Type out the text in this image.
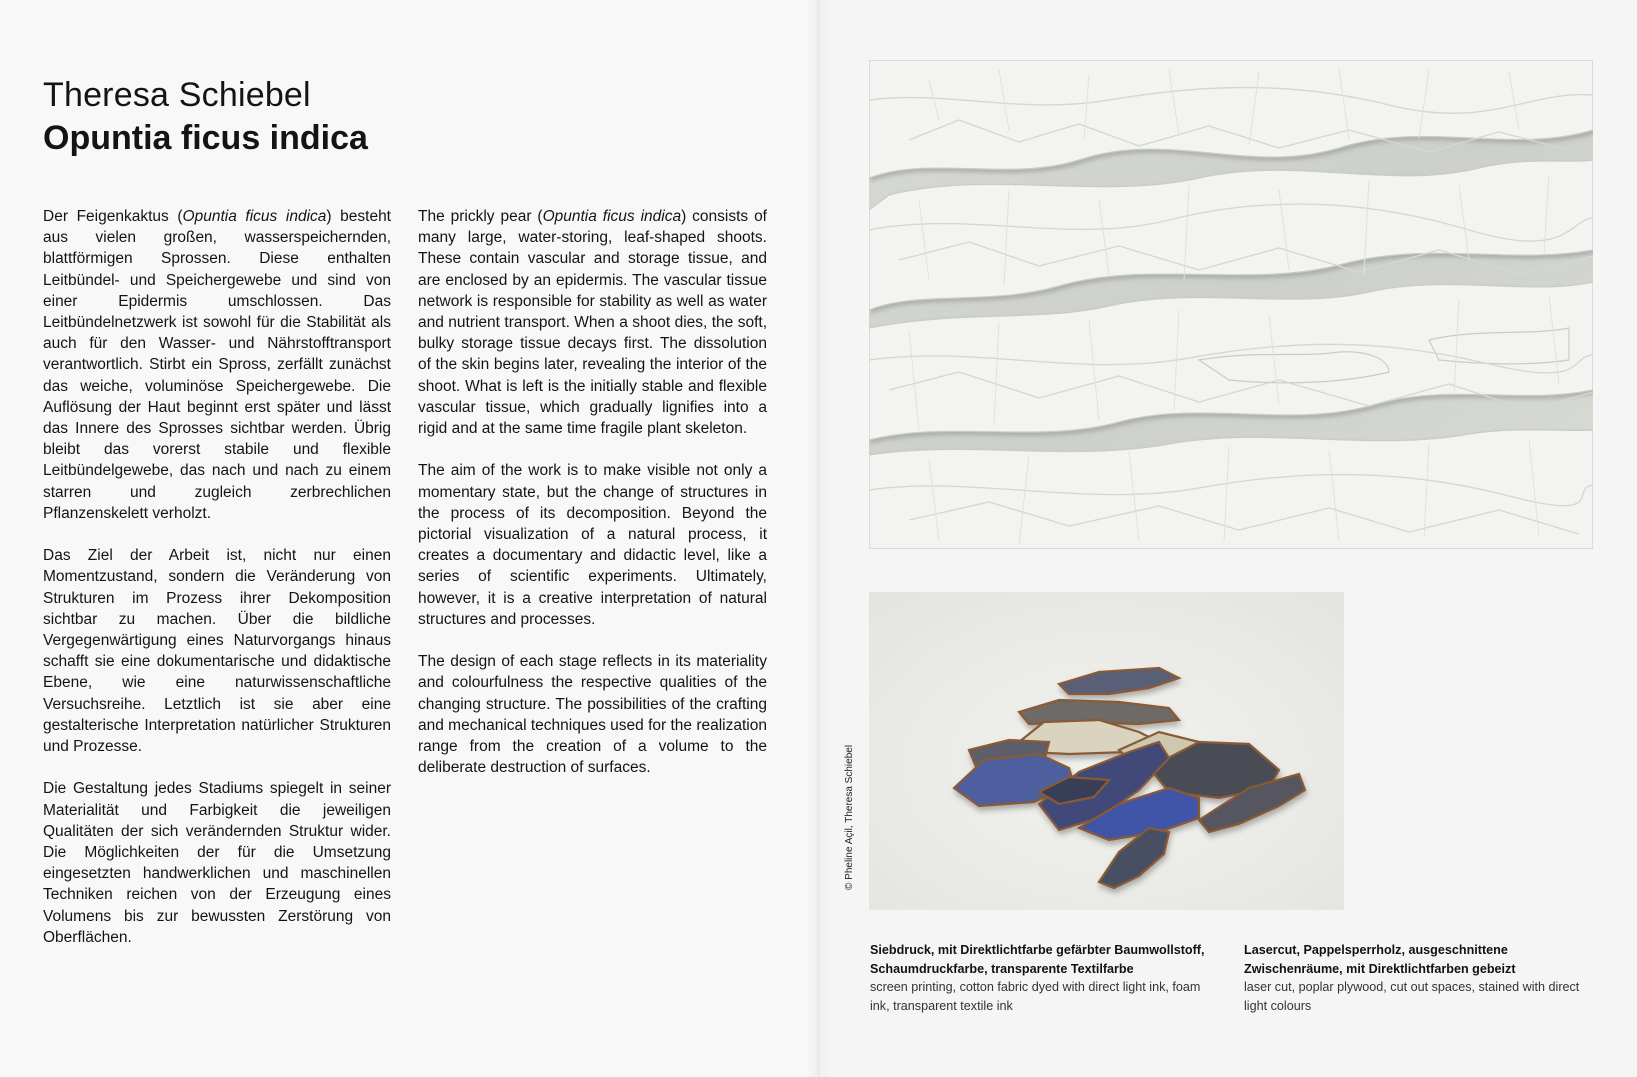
Theresa Schiebel
Opuntia ficus indica

Der Feigenkaktus (Opuntia ficus indica) besteht aus vielen großen, wasserspeichernden, blattförmigen Sprossen. Diese enthalten Leitbündel- und Speichergewebe und sind von einer Epidermis umschlossen. Das Leitbündelnetzwerk ist sowohl für die Stabilität als auch für den Wasser- und Nährstofftransport verantwortlich. Stirbt ein Spross, zerfällt zunächst das weiche, voluminöse Speichergewebe. Die Auflösung der Haut beginnt erst später und lässt das Innere des Sprosses sichtbar werden. Übrig bleibt das vorerst stabile und flexible Leitbündelgewebe, das nach und nach zu einem starren und zugleich zerbrechlichen Pflanzenskelett verholzt.

Das Ziel der Arbeit ist, nicht nur einen Momentzustand, sondern die Veränderung von Strukturen im Prozess ihrer Dekomposition sichtbar zu machen. Über die bildliche Vergegenwärtigung eines Naturvorgangs hinaus schafft sie eine dokumentarische und didaktische Ebene, wie eine naturwissenschaftliche Versuchsreihe. Letztlich ist sie aber eine gestalterische Interpretation natürlicher Strukturen und Prozesse.

Die Gestaltung jedes Stadiums spiegelt in seiner Materialität und Farbigkeit die jeweiligen Qualitäten der sich verändernden Struktur wider. Die Möglichkeiten der für die Umsetzung eingesetzten handwerklichen und maschinellen Techniken reichen von der Erzeugung eines Volumens bis zur bewussten Zerstörung von Oberflächen.

The prickly pear (Opuntia ficus indica) consists of many large, water-storing, leaf-shaped shoots. These contain vascular and storage tissue, and are enclosed by an epidermis. The vascular tissue network is responsible for stability as well as water and nutrient transport. When a shoot dies, the soft, bulky storage tissue decays first. The dissolution of the skin begins later, revealing the interior of the shoot. What is left is the initially stable and flexible vascular tissue, which gradually lignifies into a rigid and at the same time fragile plant skeleton.

The aim of the work is to make visible not only a momentary state, but the change of structures in the process of its decomposition. Beyond the pictorial visualization of a natural process, it creates a documentary and didactic level, like a series of scientific experiments. Ultimately, however, it is a creative interpretation of natural structures and processes.

The design of each stage reflects in its materiality and colourfulness the respective qualities of the changing structure. The possibilities of the crafting and mechanical techniques used for the realization range from the creation of a volume to the deliberate destruction of surfaces.	© Pheline Açil, Theresa Schiebel
Siebdruck, mit Direktlichtfarbe gefärbter Baumwollstoff, Schaumdruckfarbe, transparente Textilfarbe
screen printing, cotton fabric dyed with direct light ink, foam ink, transparent textile ink
Lasercut, Pappelsperrholz, ausgeschnittene Zwischenräume, mit Direktlichtfarben gebeizt
laser cut, poplar plywood, cut out spaces, stained with direct light colours
